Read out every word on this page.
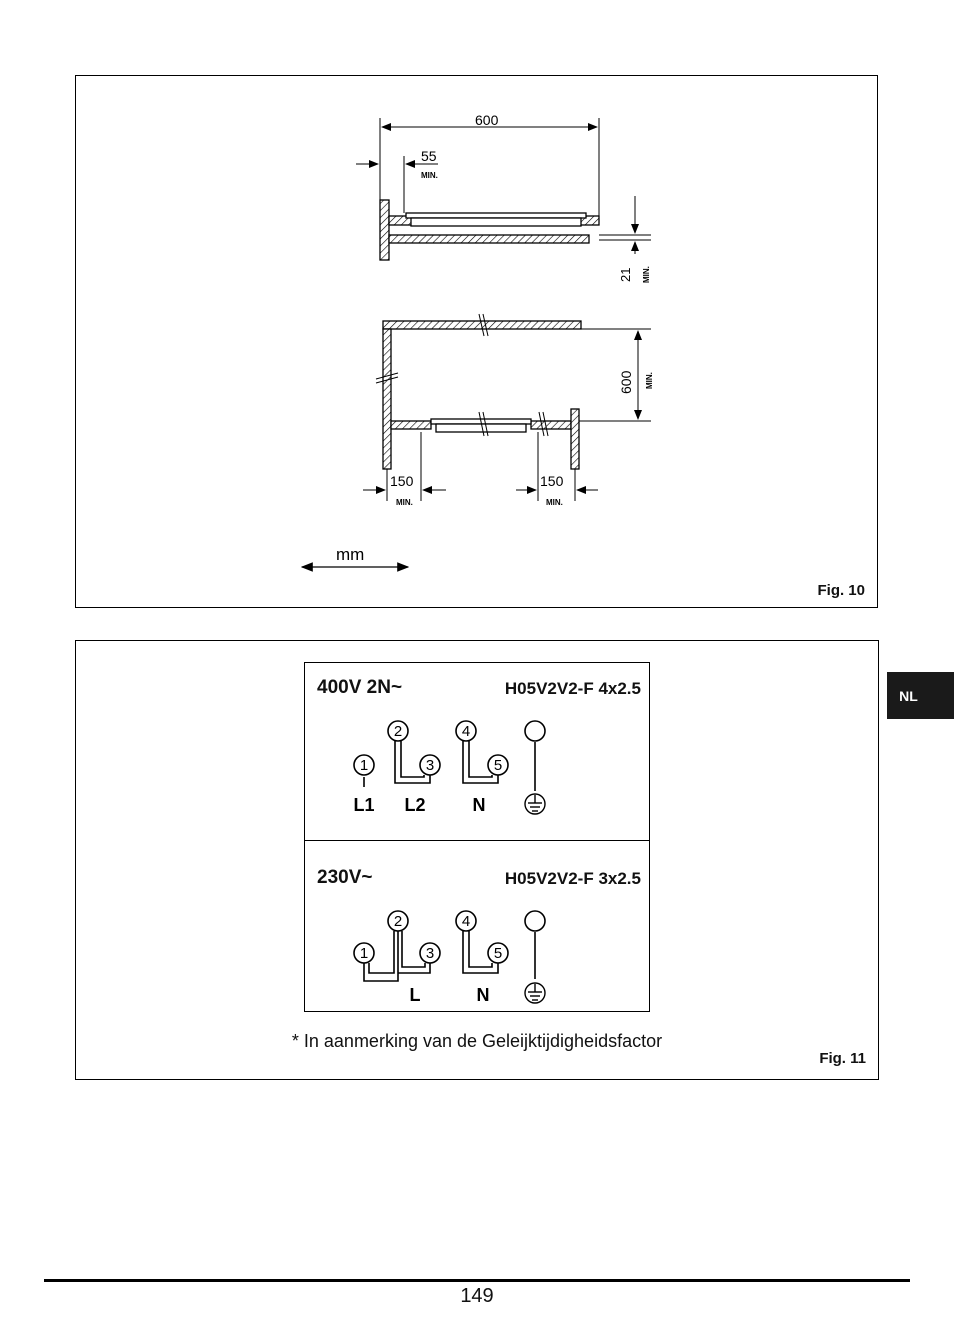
600
55
MIN.
21 MIN.
600 MIN.
150
MIN.
150
MIN.
mm
Fig. 10
400V 2N~	H05V2V2-F 4x2.5
230V~	H05V2V2-F 3x2.5
1
2
3
4
5
L1 L2	N
1
2
3
4
5
L	N
* In aanmerking van de Geleijktijdigheidsfactor
Fig. 11
NL
149
